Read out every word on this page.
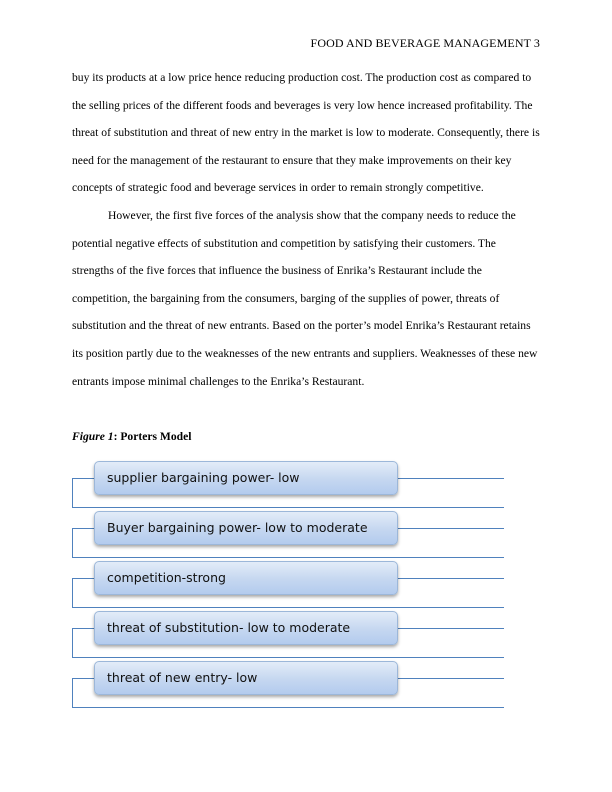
FOOD AND BEVERAGE MANAGEMENT 3

buy its products at a low price hence reducing production cost. The production cost as compared to the selling prices of the different foods and beverages is very low hence increased profitability. The threat of substitution and threat of new entry in the market is low to moderate. Consequently, there is need for the management of the restaurant to ensure that they make improvements on their key concepts of strategic food and beverage services in order to remain strongly competitive.

However, the first five forces of the analysis show that the company needs to reduce the potential negative effects of substitution and competition by satisfying their customers. The strengths of the five forces that influence the business of Enrika’s Restaurant include the competition, the bargaining from the consumers, barging of the supplies of power, threats of substitution and the threat of new entrants. Based on the porter’s model Enrika’s Restaurant retains its position partly due to the weaknesses of the new entrants and suppliers. Weaknesses of these new entrants impose minimal challenges to the Enrika’s Restaurant.

Figure 1: Porters Model
supplier bargaining power- low
Buyer bargaining power- low to moderate
competition-strong
threat of substitution- low to moderate
threat of new entry- low
